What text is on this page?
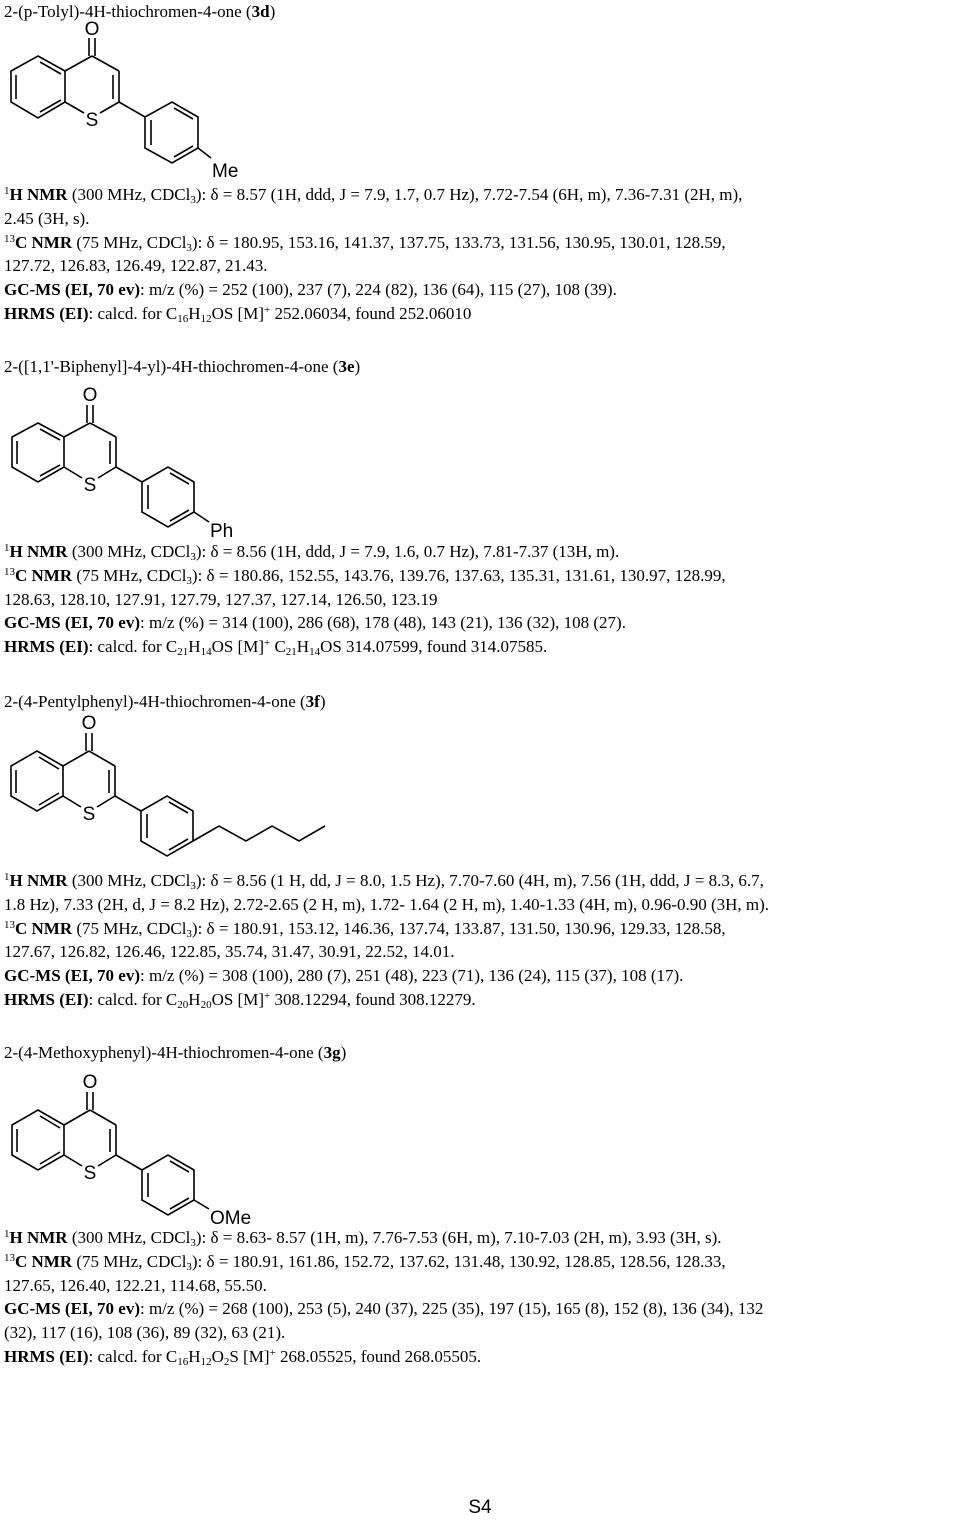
2-(p-Tolyl)-4H-thiochromen-4-one (3d)
O
S
Me
$^1$H NMR (300 MHz, CDCl$_3$): δ = 8.57 (1H, ddd, J = 7.9, 1.7, 0.7 Hz), 7.72-7.54 (6H, m), 7.36-7.31 (2H, m),
2.45 (3H, s).
$^{13}$C NMR (75 MHz, CDCl$_3$): δ = 180.95, 153.16, 141.37, 137.75, 133.73, 131.56, 130.95, 130.01, 128.59,
127.72, 126.83, 126.49, 122.87, 21.43.
GC-MS (EI, 70 ev): m/z (%) = 252 (100), 237 (7), 224 (82), 136 (64), 115 (27), 108 (39).
HRMS (EI): calcd. for $C_{16}H_{12}OS$ [M]+ 252.06034, found 252.06010
2-([1,1'-Biphenyl]-4-yl)-4H-thiochromen-4-one (3e)
O
S
Ph
$^1$H NMR (300 MHz, CDCl$_3$): δ = 8.56 (1H, ddd, J = 7.9, 1.6, 0.7 Hz), 7.81-7.37 (13H, m).
$^{13}$C NMR (75 MHz, CDCl$_3$): δ = 180.86, 152.55, 143.76, 139.76, 137.63, 135.31, 131.61, 130.97, 128.99,
128.63, 128.10, 127.91, 127.79, 127.37, 127.14, 126.50, 123.19
GC-MS (EI, 70 ev): m/z (%) = 314 (100), 286 (68), 178 (48), 143 (21), 136 (32), 108 (27).
HRMS (EI): calcd. for $C_{21}H_{14}OS$ [M]+ $C_{21}H_{14}OS$ 314.07599, found 314.07585.
2-(4-Pentylphenyl)-4H-thiochromen-4-one (3f)
O
S
$^1$H NMR (300 MHz, CDCl$_3$): δ = 8.56 (1 H, dd, J = 8.0, 1.5 Hz), 7.70-7.60 (4H, m), 7.56 (1H, ddd, J = 8.3, 6.7,
1.8 Hz), 7.33 (2H, d, J = 8.2 Hz), 2.72-2.65 (2 H, m), 1.72- 1.64 (2 H, m), 1.40-1.33 (4H, m), 0.96-0.90 (3H, m).
$^{13}$C NMR (75 MHz, CDCl$_3$): δ = 180.91, 153.12, 146.36, 137.74, 133.87, 131.50, 130.96, 129.33, 128.58,
127.67, 126.82, 126.46, 122.85, 35.74, 31.47, 30.91, 22.52, 14.01.
GC-MS (EI, 70 ev): m/z (%) = 308 (100), 280 (7), 251 (48), 223 (71), 136 (24), 115 (37), 108 (17).
HRMS (EI): calcd. for $C_{20}H_{20}OS$ [M]+ 308.12294, found 308.12279.
2-(4-Methoxyphenyl)-4H-thiochromen-4-one (3g)
O
S
OMe
$^1$H NMR (300 MHz, CDCl$_3$): δ = 8.63- 8.57 (1H, m), 7.76-7.53 (6H, m), 7.10-7.03 (2H, m), 3.93 (3H, s).
$^{13}$C NMR (75 MHz, CDCl$_3$): δ = 180.91, 161.86, 152.72, 137.62, 131.48, 130.92, 128.85, 128.56, 128.33,
127.65, 126.40, 122.21, 114.68, 55.50.
GC-MS (EI, 70 ev): m/z (%) = 268 (100), 253 (5), 240 (37), 225 (35), 197 (15), 165 (8), 152 (8), 136 (34), 132
(32), 117 (16), 108 (36), 89 (32), 63 (21).
HRMS (EI): calcd. for $C_{16}H_{12}O_2S$ [M]+ 268.05525, found 268.05505.
S4
